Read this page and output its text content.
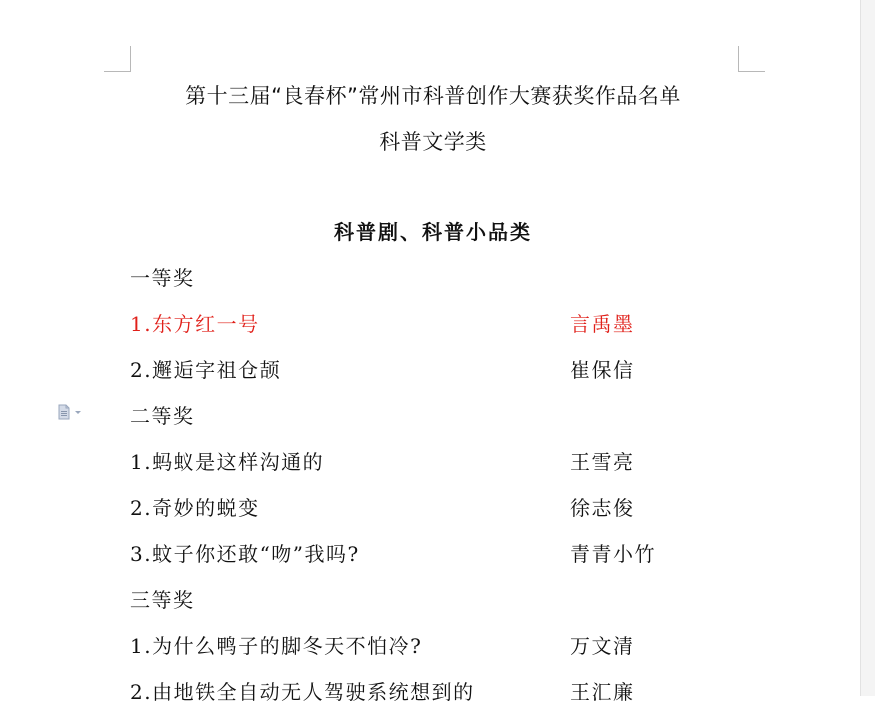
第十三届“良春杯”常州市科普创作大赛获奖作品名单
科普文学类
科普剧、科普小品类
一等奖
1.东方红一号	言禹墨
2.邂逅字祖仓颉	崔保信
二等奖
1.蚂蚁是这样沟通的	王雪亮
2.奇妙的蜕变	徐志俊
3.蚊子你还敢“吻”我吗?	青青小竹
三等奖
1.为什么鸭子的脚冬天不怕冷?	万文清
2.由地铁全自动无人驾驶系统想到的	王汇廉
